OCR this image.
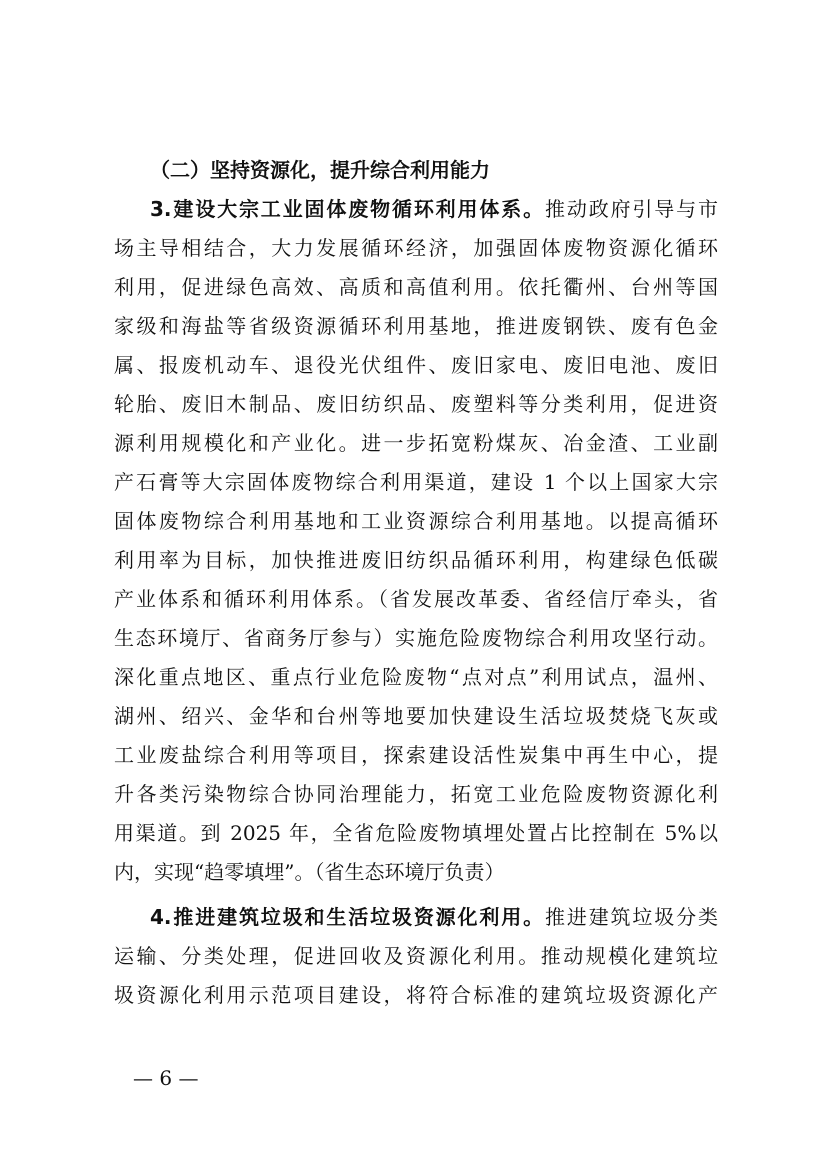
（二）坚持资源化，提升综合利用能力
3.建设大宗工业固体废物循环利用体系。推动政府引导与市
场主导相结合，大力发展循环经济，加强固体废物资源化循环
利用，促进绿色高效、高质和高值利用。依托衢州、台州等国
家级和海盐等省级资源循环利用基地，推进废钢铁、废有色金
属、报废机动车、退役光伏组件、废旧家电、废旧电池、废旧
轮胎、废旧木制品、废旧纺织品、废塑料等分类利用，促进资
源利用规模化和产业化。进一步拓宽粉煤灰、冶金渣、工业副
产石膏等大宗固体废物综合利用渠道，建设 1 个以上国家大宗
固体废物综合利用基地和工业资源综合利用基地。以提高循环
利用率为目标，加快推进废旧纺织品循环利用，构建绿色低碳
产业体系和循环利用体系。（省发展改革委、省经信厅牵头，省
生态环境厅、省商务厅参与）实施危险废物综合利用攻坚行动。
深化重点地区、重点行业危险废物“点对点”利用试点，温州、
湖州、绍兴、金华和台州等地要加快建设生活垃圾焚烧飞灰或
工业废盐综合利用等项目，探索建设活性炭集中再生中心，提
升各类污染物综合协同治理能力，拓宽工业危险废物资源化利
用渠道。到 2025 年，全省危险废物填埋处置占比控制在 5%以
内，实现“趋零填埋”。（省生态环境厅负责）
4.推进建筑垃圾和生活垃圾资源化利用。推进建筑垃圾分类
运输、分类处理，促进回收及资源化利用。推动规模化建筑垃
圾资源化利用示范项目建设，将符合标准的建筑垃圾资源化产
— 6 —
